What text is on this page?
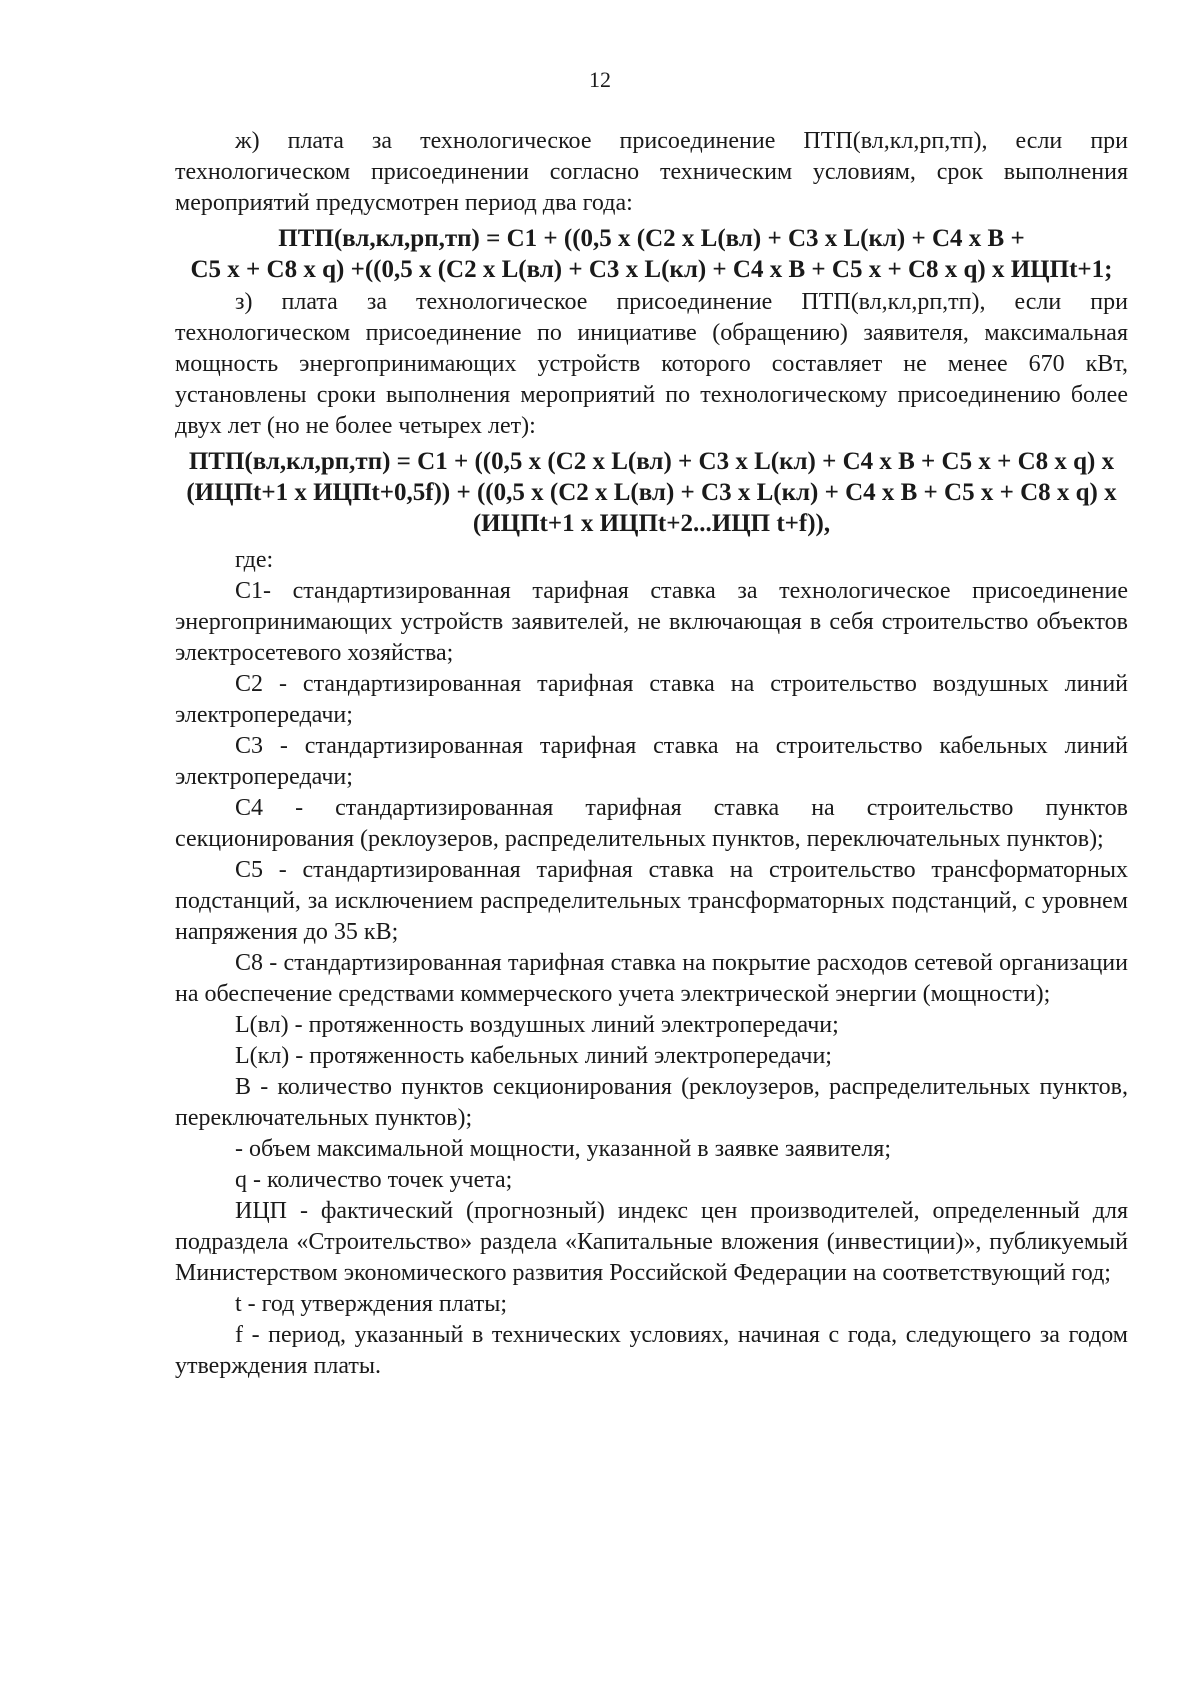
12

ж) плата за технологическое присоединение ПТП(вл,кл,рп,тп), если при технологическом присоединении согласно техническим условиям, срок выполнения мероприятий предусмотрен период два года:

ПТП(вл,кл,рп,тп) = С1 + ((0,5 х (С2 х L(вл) + С3 х L(кл) + С4 х В +
С5 х + С8 х q) +((0,5 х (С2 х L(вл) + С3 х L(кл) + С4 х В + С5 х + С8 х q) х ИЦПt+1;

з) плата за технологическое присоединение ПТП(вл,кл,рп,тп), если при технологическом присоединение по инициативе (обращению) заявителя, максимальная мощность энергопринимающих устройств которого составляет не менее 670 кВт, установлены сроки выполнения мероприятий по технологическому присоединению более двух лет (но не более четырех лет):

ПТП(вл,кл,рп,тп) = С1 + ((0,5 х (С2 х L(вл) + С3 х L(кл) + С4 х В + С5 х + С8 х q) х
(ИЦПt+1 х ИЦПt+0,5f)) + ((0,5 х (С2 х L(вл) + С3 х L(кл) + С4 х В + С5 х + С8 х q) х
(ИЦПt+1 х ИЦПt+2...ИЦП t+f)),

где:

С1- стандартизированная тарифная ставка за технологическое присоединение энергопринимающих устройств заявителей, не включающая в себя строительство объектов электросетевого хозяйства;

С2 - стандартизированная тарифная ставка на строительство воздушных линий электропередачи;

С3 - стандартизированная тарифная ставка на строительство кабельных линий электропередачи;

С4 - стандартизированная тарифная ставка на строительство пунктов секционирования (реклоузеров, распределительных пунктов, переключательных пунктов);

С5 - стандартизированная тарифная ставка на строительство трансформаторных подстанций, за исключением распределительных трансформаторных подстанций, с уровнем напряжения до 35 кВ;

С8 - стандартизированная тарифная ставка на покрытие расходов сетевой организации на обеспечение средствами коммерческого учета электрической энергии (мощности);

L(вл) - протяженность воздушных линий электропередачи;

L(кл) - протяженность кабельных линий электропередачи;

В - количество пунктов секционирования (реклоузеров, распределительных пунктов, переключательных пунктов);

- объем максимальной мощности, указанной в заявке заявителя;

q - количество точек учета;

ИЦП - фактический (прогнозный) индекс цен производителей, определенный для подраздела «Строительство» раздела «Капитальные вложения (инвестиции)», публикуемый Министерством экономического развития Российской Федерации на соответствующий год;

t - год утверждения платы;

f - период, указанный в технических условиях, начиная с года, следующего за годом утверждения платы.
